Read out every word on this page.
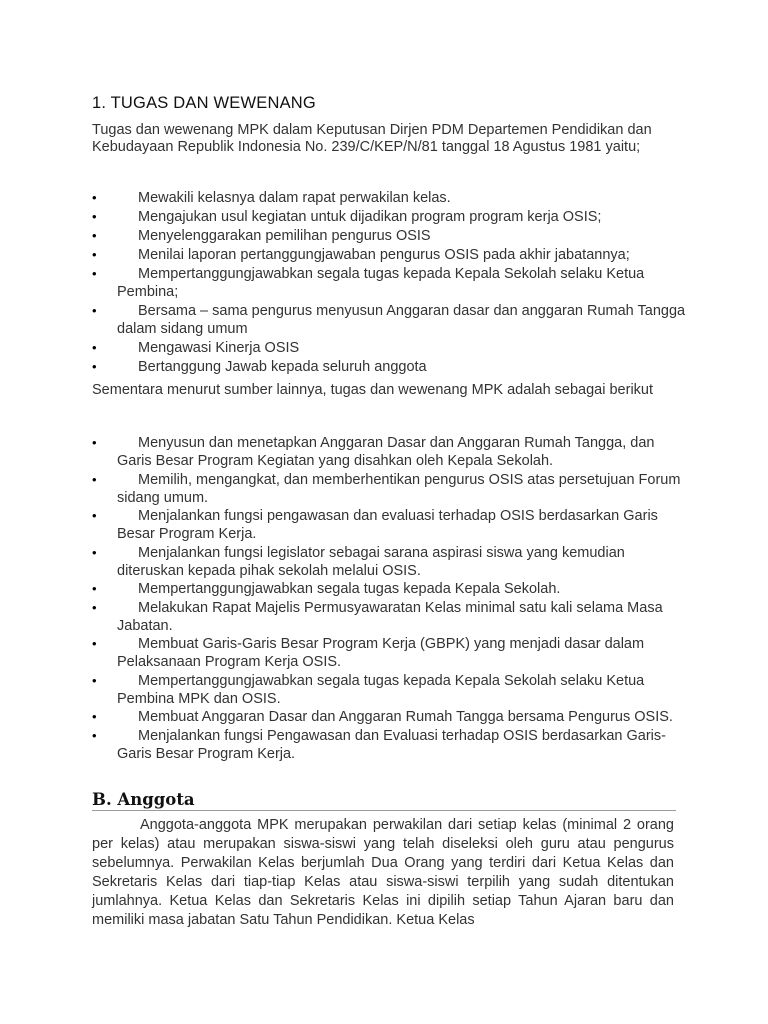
1. TUGAS DAN WEWENANG
Tugas dan wewenang MPK dalam Keputusan Dirjen PDM Departemen Pendidikan dan Kebudayaan Republik Indonesia No. 239/C/KEP/N/81 tanggal 18 Agustus 1981 yaitu;
•	Mewakili kelasnya dalam rapat perwakilan kelas.
•	Mengajukan usul kegiatan untuk dijadikan program program kerja OSIS;
•	Menyelenggarakan pemilihan pengurus OSIS
•	Menilai laporan pertanggungjawaban pengurus OSIS pada akhir jabatannya;
•	Mempertanggungjawabkan segala tugas kepada Kepala Sekolah selaku Ketua Pembina;
•	Bersama – sama pengurus menyusun Anggaran dasar dan anggaran Rumah Tangga dalam sidang umum
•	Mengawasi Kinerja OSIS
•	Bertanggung Jawab kepada seluruh anggota
Sementara menurut sumber lainnya, tugas dan wewenang MPK adalah sebagai berikut
•	Menyusun dan menetapkan Anggaran Dasar dan Anggaran Rumah Tangga, dan Garis Besar Program Kegiatan yang disahkan oleh Kepala Sekolah.
•	Memilih, mengangkat, dan memberhentikan pengurus OSIS atas persetujuan Forum sidang umum.
•	Menjalankan fungsi pengawasan dan evaluasi terhadap OSIS berdasarkan Garis Besar Program Kerja.
•	Menjalankan fungsi legislator sebagai sarana aspirasi siswa yang kemudian diteruskan kepada pihak sekolah melalui OSIS.
•	Mempertanggungjawabkan segala tugas kepada Kepala Sekolah.
•	Melakukan Rapat Majelis Permusyawaratan Kelas minimal satu kali selama Masa Jabatan.
•	Membuat Garis-Garis Besar Program Kerja (GBPK) yang menjadi dasar dalam Pelaksanaan Program Kerja OSIS.
•	Mempertanggungjawabkan segala tugas kepada Kepala Sekolah selaku Ketua Pembina MPK dan OSIS.
•	Membuat Anggaran Dasar dan Anggaran Rumah Tangga bersama Pengurus OSIS.
•	Menjalankan fungsi Pengawasan dan Evaluasi terhadap OSIS berdasarkan Garis-Garis Besar Program Kerja.
B. Anggota
Anggota-anggota MPK merupakan perwakilan dari setiap kelas (minimal 2 orang per kelas) atau merupakan siswa-siswi yang telah diseleksi oleh guru atau pengurus sebelumnya. Perwakilan Kelas berjumlah Dua Orang yang terdiri dari Ketua Kelas dan Sekretaris Kelas dari tiap-tiap Kelas atau siswa-siswi terpilih yang sudah ditentukan jumlahnya. Ketua Kelas dan Sekretaris Kelas ini dipilih setiap Tahun Ajaran baru dan memiliki masa jabatan Satu Tahun Pendidikan. Ketua Kelas
